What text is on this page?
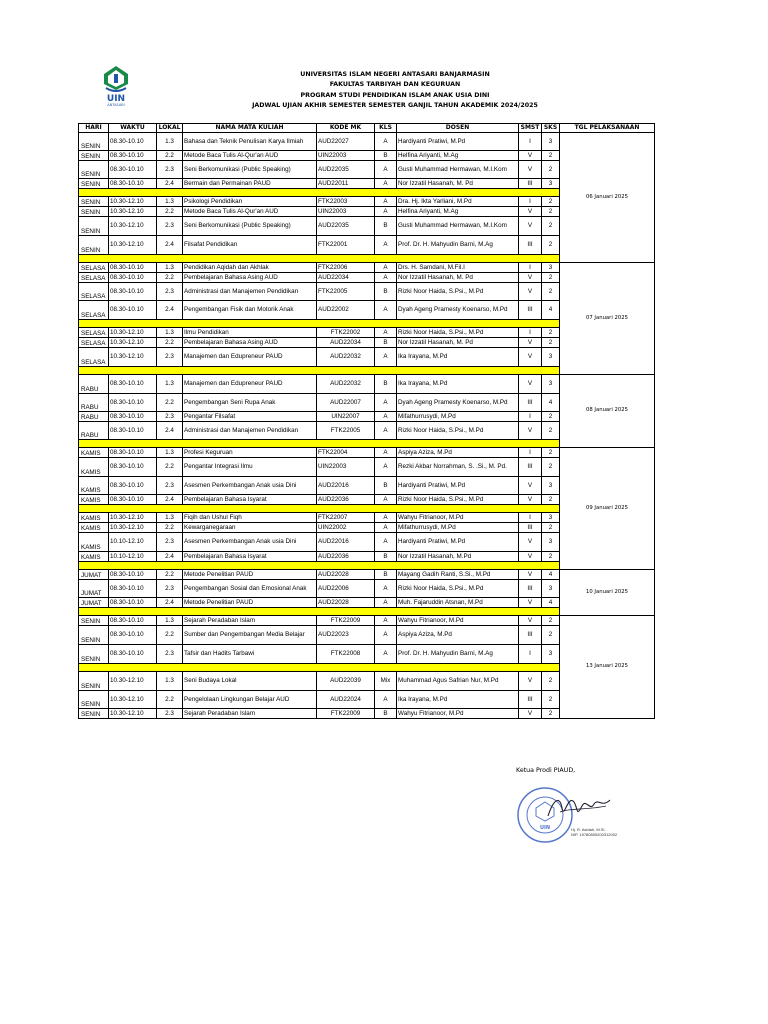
UIN
ANTASARI
UNIVERSITAS ISLAM NEGERI ANTASARI BANJARMASIN
FAKULTAS TARBIYAH DAN KEGURUAN
PROGRAM STUDI PENDIDIKAN ISLAM ANAK USIA DINI
JADWAL UJIAN AKHIR SEMESTER SEMESTER GANJIL TAHUN AKADEMIK 2024/2025
HARI	WAKTU	LOKAL	NAMA MATA KULIAH	KODE MK	KLS	DOSEN	SMST	SKS	TGL PELAKSANAAN
SENIN	08.30-10.10	1.3	Bahasa dan Teknik Penulisan Karya Ilmiah	AUD22027	A	Hardiyanti Pratiwi, M.Pd	I	3	06 Januari 2025
SENIN	08.30-10.10	2.2	Metode Baca Tulis Al-Qur'an AUD	UIN22003	B	Helfina Ariyanti, M.Ag	V	2	
SENIN	08.30-10.10	2.3	Seni Berkomunikasi (Public Speaking)	AUD22035	A	Gusti Muhammad Hermawan, M.I.Kom	V	2	
SENIN	08.30-10.10	2.4	Bermain dan Permainan PAUD	AUD22011	A	Nor Izzatil Hasanah, M. Pd	III	3	

SENIN	10.30-12.10	1.3	Psikologi Pendidikan	FTK22003	A	Dra. Hj. Ikta Yarliani, M.Pd	I	2	
SENIN	10.30-12.10	2.2	Metode Baca Tulis Al-Qur'an AUD	UIN22003	A	Helfina Ariyanti, M.Ag	V	2	
SENIN	10.30-12.10	2.3	Seni Berkomunikasi (Public Speaking)	AUD22035	B	Gusti Muhammad Hermawan, M.I.Kom	V	2	
SENIN	10.30-12.10	2.4	Filsafat Pendidikan	FTK22001	A	Prof. Dr. H. Mahyudin Barni, M.Ag	III	2	

SELASA	08.30-10.10	1.3	Pendidikan Aqidah dan Akhlak	FTK22006	A	Drs. H. Samdani, M.Fil.I	I	3	07 Januari 2025
SELASA	08.30-10.10	2.2	Pembelajaran Bahasa Asing AUD	AUD22034	A	Nor Izzatil Hasanah, M. Pd	V	2	
SELASA	08.30-10.10	2.3	Administrasi dan Manajemen Pendidikan	FTK22005	B	Rizki Noor Haida, S.Psi., M.Pd	V	2	
SELASA	08.30-10.10	2.4	Pengembangan Fisik dan Motorik Anak	AUD22002	A	Dyah Ageng Pramesty Koenarso, M.Pd	III	4	

SELASA	10.30-12.10	1.3	Ilmu Pendidikan	FTK22002	A	Rizki Noor Haida, S.Psi., M.Pd	I	2	
SELASA	10.30-12.10	2.2	Pembelajaran Bahasa Asing AUD	AUD22034	B	Nor Izzatil Hasanah, M. Pd	V	2	
SELASA	10.30-12.10	2.3	Manajemen dan Edupreneur PAUD	AUD22032	A	Ika Irayana, M.Pd	V	3	

RABU	08.30-10.10	1.3	Manajemen dan Edupreneur PAUD	AUD22032	B	Ika Irayana, M.Pd	V	3	08 Januari 2025
RABU	08.30-10.10	2.2	Pengembangan Seni Rupa Anak	AUD22007	A	Dyah Ageng Pramesty Koenarso, M.Pd	III	4	
RABU	08.30-10.10	2.3	Pengantar Filsafat	UIN22007	A	Mifathurrusydi, M.Pd	I	2	
RABU	08.30-10.10	2.4	Administrasi dan Manajemen Pendidikan	FTK22005	A	Rizki Noor Haida, S.Psi., M.Pd	V	2	

KAMIS	08.30-10.10	1.3	Profesi Keguruan	FTK22004	A	Aspiya Aziza, M.Pd	I	2	09 Januari 2025
KAMIS	08.30-10.10	2.2	Pengantar Integrasi Ilmu	UIN22003	A	Rezki Akbar Norrahman, S. .Si., M. Pd.	III	2	
KAMIS	08.30-10.10	2.3	Asesmen Perkembangan Anak usia Dini	AUD22016	B	Hardiyanti Pratiwi, M.Pd	V	3	
KAMIS	08.30-10.10	2.4	Pembelajaran Bahasa Isyarat	AUD22036	A	Rizki Noor Haida, S.Psi., M.Pd	V	2	

KAMIS	10.30-12.10	1.3	Fiqih dan Ushul Fiqh	FTK22007	A	Wahyu Fitrianoor, M.Pd	I	3	
KAMIS	10.30-12.10	2.2	Kewarganegaraan	UIN22002	A	Mifathurrusydi, M.Pd	III	2	
KAMIS	10.10-12.10	2.3	Asesmen Perkembangan Anak usia Dini	AUD22016	A	Hardiyanti Pratiwi, M.Pd	V	3	
KAMIS	10.10-12.10	2.4	Pembelajaran Bahasa Isyarat	AUD22036	B	Nor Izzatil Hasanah, M.Pd	V	2	

JUMAT	08.30-10.10	2.2	Metode Penelitian PAUD	AUD22028	B	Mayang Gadih Ranti, S.Si., M.Pd	V	4	10 Januari 2025
JUMAT	08.30-10.10	2.3	Pengembangan Sosial dan Emosional Anak	AUD22006	A	Rizki Noor Haida, S.Psi., M.Pd	III	3	
JUMAT	08.30-10.10	2.4	Metode Penelitian PAUD	AUD22028	A	Muh. Fajaruddin Atsnan, M.Pd	V	4	

SENIN	08.30-10.10	1.3	Sejarah Peradaban Islam	FTK22009	A	Wahyu Fitrianoor, M.Pd	V	2	13 Januari 2025
SENIN	08.30-10.10	2.2	Sumber dan Pengembangan Media Belajar	AUD22023	A	Aspiya Aziza, M.Pd	III	2	
SENIN	08.30-10.10	2.3	Tafsir dan Hadits Tarbawi	FTK22008	A	Prof. Dr. H. Mahyudin Barni, M.Ag	I	3	

SENIN	10.30-12.10	1.3	Seni Budaya Lokal	AUD22039	Mix	Muhammad Agus Safrian Nur, M.Pd	V	2	
SENIN	10.30-12.10	2.2	Pengelolaan Lingkungan Belajar AUD	AUD22024	A	Ika Irayana, M.Pd	III	2	
SENIN	10.30-12.10	2.3	Sejarah Peradaban Islam	FTK22009	B	Wahyu Fitrianoor, M.Pd	V	2	
Ketua Prodi PIAUD,
UIN	Hj. R. Asidah, M.Si.
NIP. 19780805200312002
